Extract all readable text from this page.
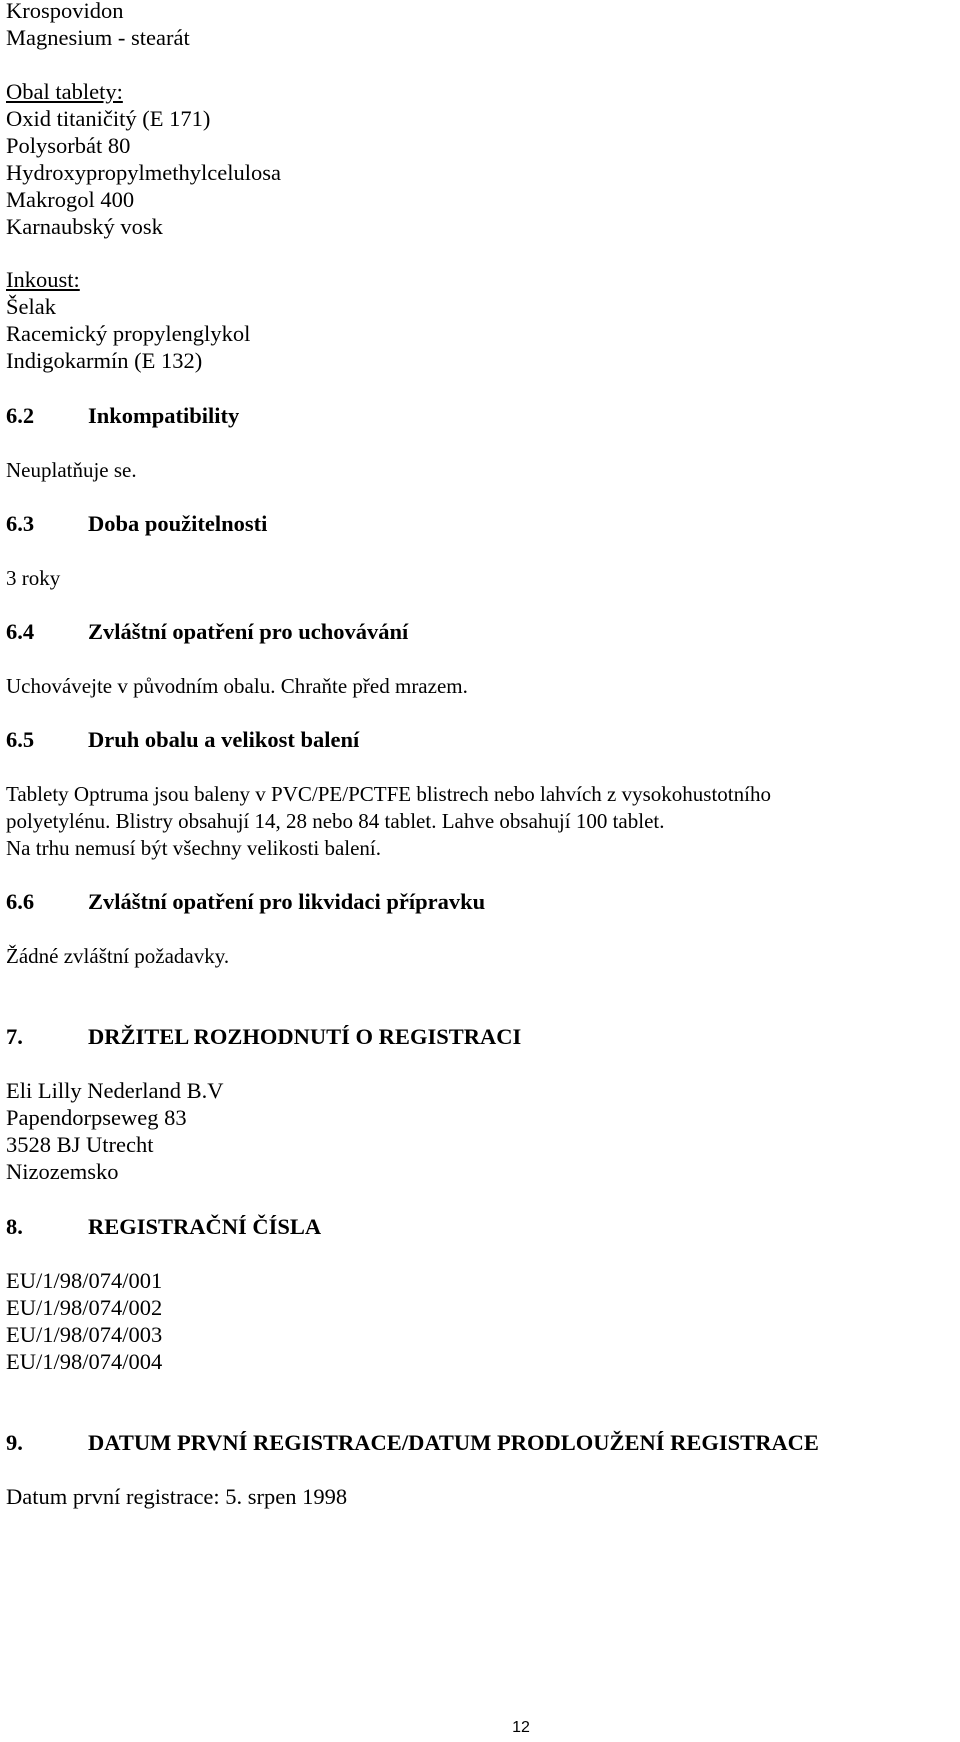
Krospovidon
Magnesium - stearát
Obal tablety:
Oxid titaničitý (E 171)
Polysorbát 80
Hydroxypropylmethylcelulosa
Makrogol 400
Karnaubský vosk
Inkoust:
Šelak
Racemický propylenglykol
Indigokarmín (E 132)
6.2 Inkompatibility
Neuplatňuje se.
6.3 Doba použitelnosti
3 roky
6.4 Zvláštní opatření pro uchovávání
Uchovávejte v původním obalu. Chraňte před mrazem.
6.5 Druh obalu a velikost balení
Tablety Optruma jsou baleny v PVC/PE/PCTFE blistrech nebo lahvích z vysokohustotního
polyetylénu. Blistry obsahují 14, 28 nebo 84 tablet. Lahve obsahují 100 tablet.
Na trhu nemusí být všechny velikosti balení.
6.6 Zvláštní opatření pro likvidaci přípravku
Žádné zvláštní požadavky.
7.	DRŽITEL ROZHODNUTÍ O REGISTRACI
Eli Lilly Nederland B.V
Papendorpseweg 83
3528 BJ Utrecht
Nizozemsko
8.	REGISTRAČNÍ ČÍSLA
EU/1/98/074/001
EU/1/98/074/002
EU/1/98/074/003
EU/1/98/074/004
9.	DATUM PRVNÍ REGISTRACE/DATUM PRODLOUŽENÍ REGISTRACE
Datum první registrace: 5. srpen 1998
12
